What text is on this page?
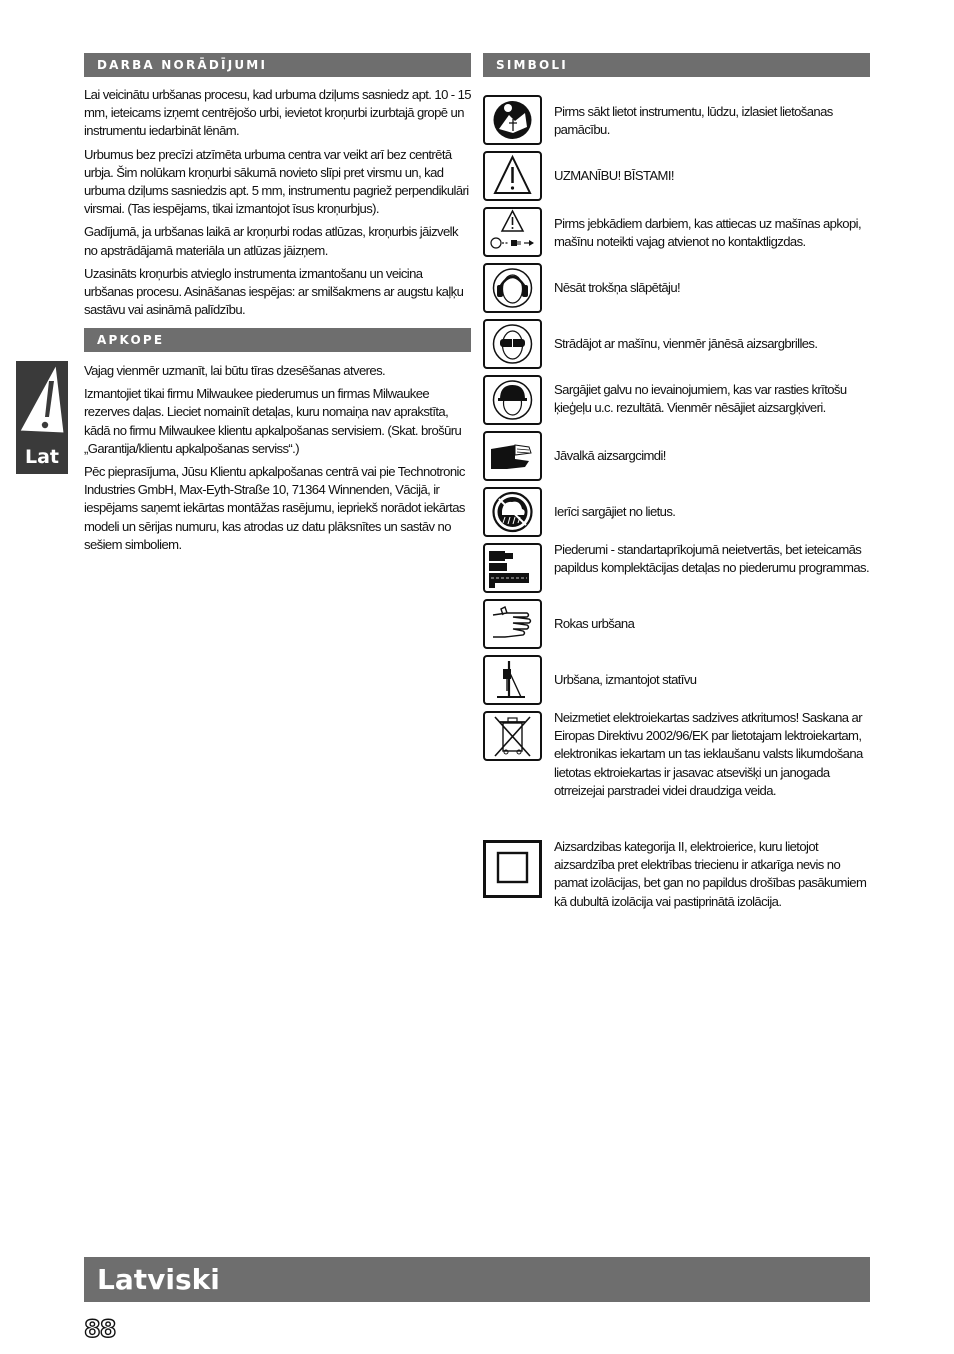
DARBA NORĀDĪJUMI

Lai veicinātu urbšanas procesu, kad urbuma dziļums sasniedz apt. 10 - 15 mm, ieteicams izņemt centrējošo urbi, ievietot kroņurbi izurbtajā gropē un instrumentu iedarbināt lēnām.

Urbumus bez precīzi atzīmēta urbuma centra var veikt arī bez centrētā urbja. Šim nolūkam kroņurbi sākumā novieto slīpi pret virsmu un, kad urbuma dziļums sasniedzis apt. 5 mm, instrumentu pagriež perpendikulāri virsmai. (Tas iespējams, tikai izmantojot īsus kroņurbjus).

Gadījumā, ja urbšanas laikā ar kroņurbi rodas atlūzas, kroņurbis jāizvelk no apstrādājamā materiāla un atlūzas jāizņem.

Uzasināts kroņurbis atvieglo instrumenta izmantošanu un veicina urbšanas procesu. Asināšanas iespējas: ar smilšakmens ar augstu kaļķu sastāvu vai asināmā palīdzību.

APKOPE

Vajag vienmēr uzmanīt, lai būtu tīras dzesēšanas atveres.

Izmantojiet tikai firmu Milwaukee piederumus un firmas Milwaukee rezerves daļas. Lieciet nomainīt detaļas, kuru nomaiņa nav aprakstīta, kādā no firmu Milwaukee klientu apkalpošanas servisiem. (Skat. brošūru „Garantija/klientu apkalpošanas serviss“.)

Pēc pieprasījuma, Jūsu Klientu apkalpošanas centrā vai pie Technotronic Industries GmbH, Max-Eyth-Straße 10, 71364 Winnenden, Vācijā, ir iespējams saņemt iekārtas montāžas rasējumu, iepriekš norādot iekārtas modeli un sērijas numuru, kas atrodas uz datu plāksnītes un sastāv no sešiem simboliem.

Lat
SIMBOLI
Pirms sākt lietot instrumentu, lūdzu, izlasiet lietošanas pamācību.
UZMANĪBU! BĪSTAMI!
Pirms jebkādiem darbiem, kas attiecas uz mašīnas apkopi, mašīnu noteikti vajag atvienot no kontaktligzdas.
Nēsāt trokšņa slāpētāju!
Strādājot ar mašīnu, vienmēr jānēsā aizsargbrilles.
Sargājiet galvu no ievainojumiem, kas var rasties krītošu ķieģeļu u.c. rezultātā. Vienmēr nēsājiet aizsargķiveri.
Jāvalkā aizsargcimdi!
Ierīci sargājiet no lietus.
Piederumi - standartaprīkojumā neietvertās, bet ieteicamās papildus komplektācijas detaļas no piederumu programmas.
Rokas urbšana
Urbšana, izmantojot statīvu
Neizmetiet elektroiekartas sadzives atkritumos! Saskana ar Eiropas Direktivu 2002/96/EK par lietotajam lektroiekartam, elektronikas iekartam un tas ieklaušanu valsts likumdošana lietotas ektroiekartas ir jasavac atsevišķi un janogada otrreizejai parstradei videi draudziga veida.
Aizsardzibas kategorija II, elektroierice, kuru lietojot aizsardzība pret elektrības triecienu ir atkarīga nevis no pamat izolācijas, bet gan no papildus drošības pasākumiem kā dubultā izolācija vai pastiprinātā izolācija.
Latviski
88
